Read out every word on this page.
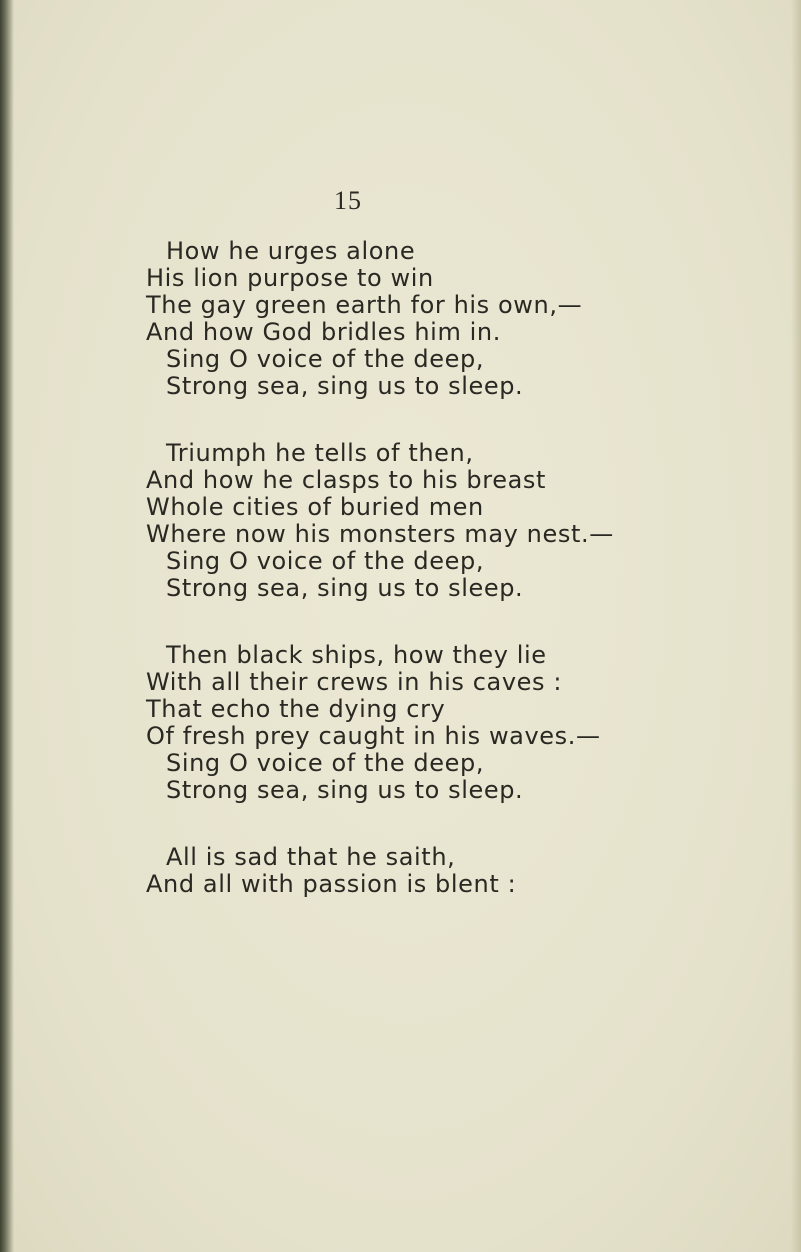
15
How he urges alone
His lion purpose to win
The gay green earth for his own,—
And how God bridles him in.
Sing O voice of the deep,
Strong sea, sing us to sleep.
Triumph he tells of then,
And how he clasps to his breast
Whole cities of buried men
Where now his monsters may nest.—
Sing O voice of the deep,
Strong sea, sing us to sleep.
Then black ships, how they lie
With all their crews in his caves :
That echo the dying cry
Of fresh prey caught in his waves.—
Sing O voice of the deep,
Strong sea, sing us to sleep.
All is sad that he saith,
And all with passion is blent :
